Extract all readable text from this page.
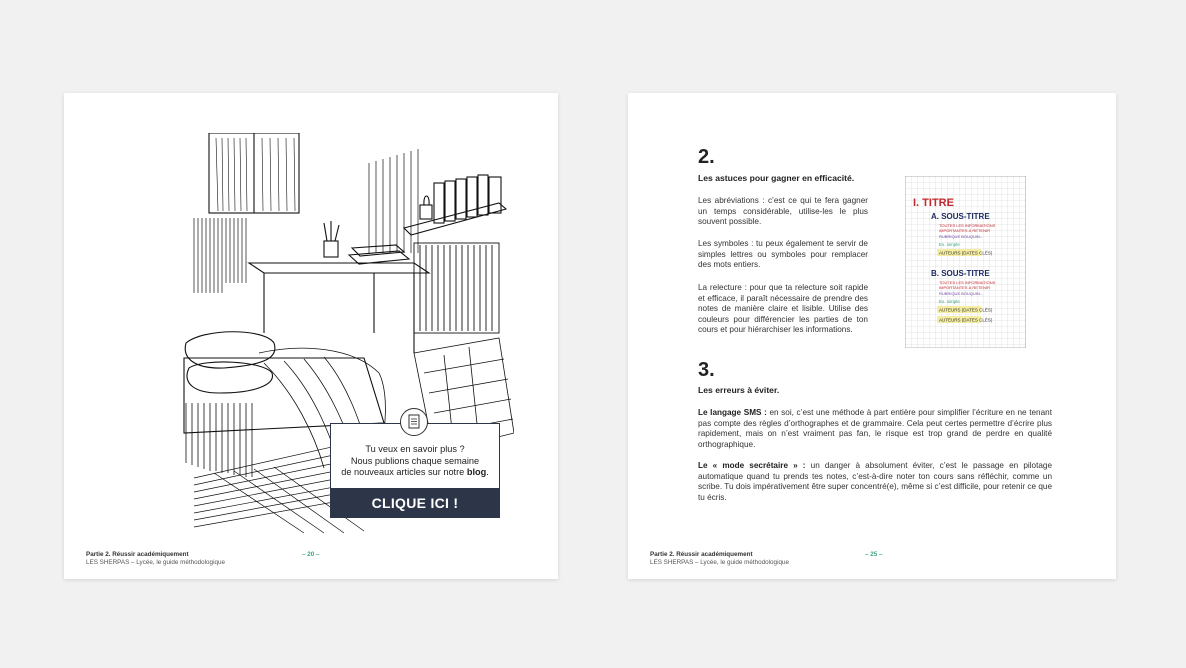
Tu veux en savoir plus ?

Nous publions chaque semaine

de nouveaux articles sur notre blog.

CLIQUE ICI !
Partie 2. Réussir académiquement
LES SHERPAS – Lycée, le guide méthodologique
– 20 –
2.
Les astuces pour gagner en efficacité.

Les abréviations : c’est ce qui te fera gagner un temps considérable, utilise-les le plus souvent possible.

Les symboles : tu peux également te servir de simples lettres ou symboles pour remplacer des mots entiers.

La relecture : pour que ta relecture soit rapide et efficace, il paraît nécessaire de prendre des notes de manière claire et lisible. Utilise des couleurs pour différencier les parties de ton cours et pour hiérarchiser les informations.

I. TITRE
A. SOUS-TITRE
TOUTES LES INFORMATIONS
IMPORTANTES À RETENIR
RUBRIQUE BOUQUIN...
Ex. simple
AUTEURS (DATES CLÉS)
B. SOUS-TITRE
TOUTES LES INFORMATIONS
IMPORTANTES À RETENIR
RUBRIQUE BOUQUIN...
Ex. simple
AUTEURS (DATES CLÉS)
AUTEURS (DATES CLÉS)
3.
Les erreurs à éviter.

Le langage SMS : en soi, c’est une méthode à part entière pour simplifier l’écriture en ne tenant pas compte des règles d’orthographes et de grammaire. Cela peut certes permettre d’écrire plus rapidement, mais on n’est vraiment pas fan, le risque est trop grand de perdre en qualité orthographique.

Le « mode secrétaire » : un danger à absolument éviter, c’est le passage en pilotage automatique quand tu prends tes notes, c’est-à-dire noter ton cours sans réfléchir, comme un scribe. Tu dois impérativement être super concentré(e), même si c’est difficile, pour retenir ce que tu écris.

Partie 2. Réussir académiquement
LES SHERPAS – Lycée, le guide méthodologique
– 25 –
